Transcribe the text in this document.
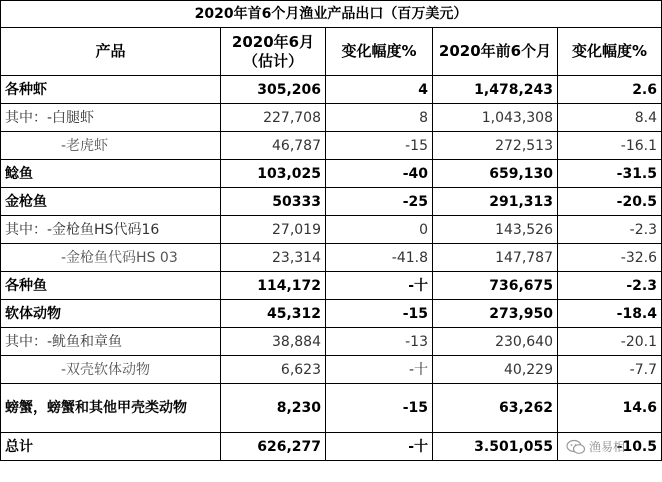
2020年首6个月渔业产品出口（百万美元）				
产品	2020年6月（估计）	变化幅度%	2020年前6个月	变化幅度%
各种虾	305,206	4	1,478,243	2.6
其中：-白腿虾	227,708	8	1,043,308	8.4
-老虎虾	46,787	-15	272,513	-16.1
鲶鱼	103,025	-40	659,130	-31.5
金枪鱼	50333	-25	291,313	-20.5
其中：-金枪鱼HS代码16	27,019	0	143,526	-2.3
-金枪鱼代码HS 03	23,314	-41.8	147,787	-32.6
各种鱼	114,172	-十	736,675	-2.3
软体动物	45,312	-15	273,950	-18.4
其中：-鱿鱼和章鱼	38,884	-13	230,640	-20.1
-双壳软体动物	6,623	-十	40,229	-7.7
螃蟹，螃蟹和其他甲壳类动物	8,230	-15	63,262	14.6
总计	626,277	-十	3.501,055	-10.5
渔易相
